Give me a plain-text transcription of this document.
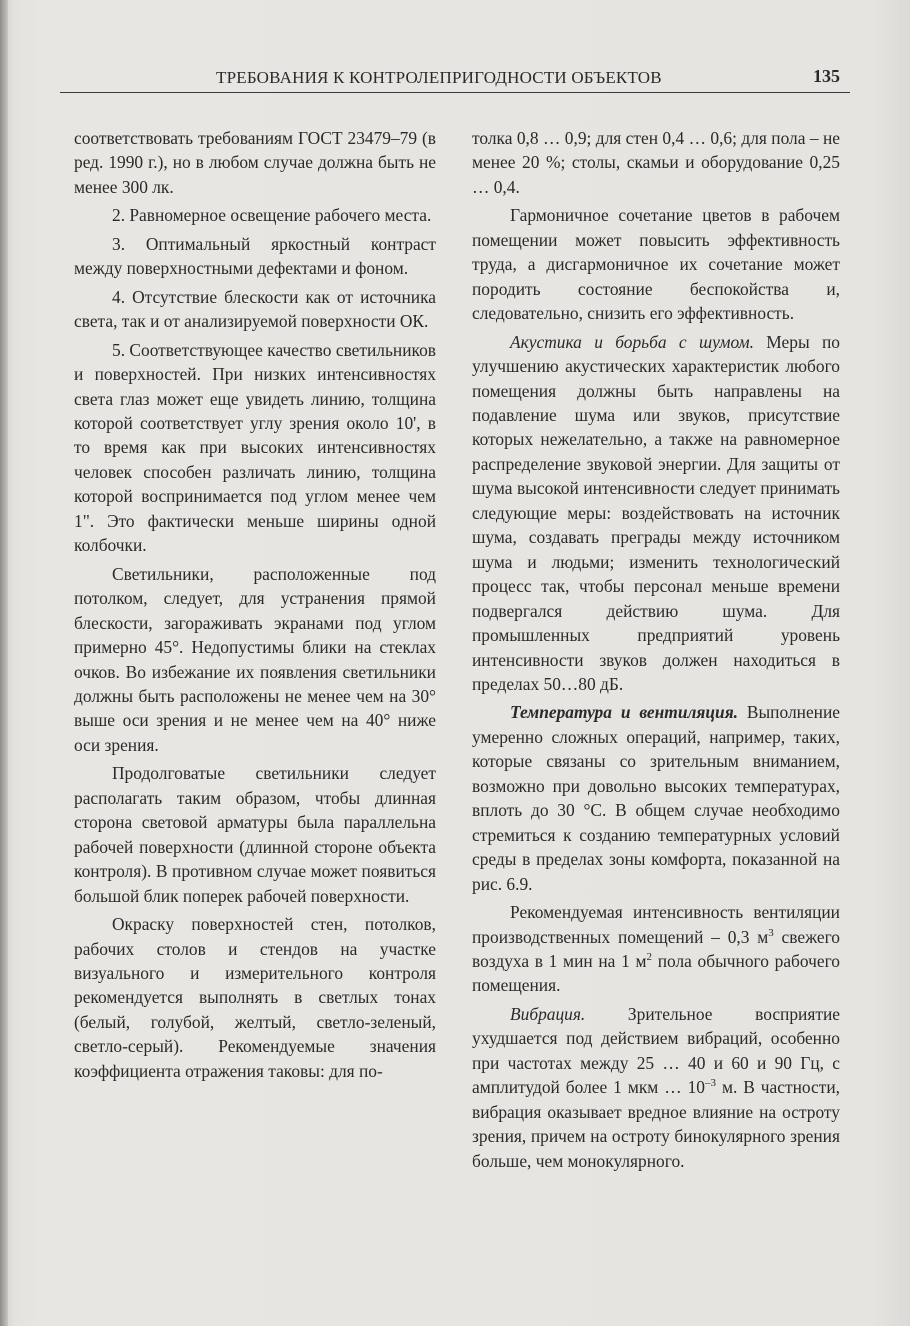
ТРЕБОВАНИЯ К КОНТРОЛЕПРИГОДНОСТИ ОБЪЕКТОВ	135

соответствовать требованиям ГОСТ 23479–79 (в ред. 1990 г.), но в любом случае должна быть не менее 300 лк.

2. Равномерное освещение рабочего места.

3. Оптимальный яркостный контраст между поверхностными дефектами и фоном.

4. Отсутствие блескости как от источника света, так и от анализируемой поверхности ОК.

5. Соответствующее качество светильников и поверхностей. При низких интенсивностях света глаз может еще увидеть линию, толщина которой соответствует углу зрения около 10', в то время как при высоких интенсивностях человек способен различать линию, толщина которой воспринимается под углом менее чем 1". Это фактически меньше ширины одной колбочки.

Светильники, расположенные под потолком, следует, для устранения прямой блескости, загораживать экранами под углом примерно 45°. Недопустимы блики на стеклах очков. Во избежание их появления светильники должны быть расположены не менее чем на 30° выше оси зрения и не менее чем на 40° ниже оси зрения.

Продолговатые светильники следует располагать таким образом, чтобы длинная сторона световой арматуры была параллельна рабочей поверхности (длинной стороне объекта контроля). В противном случае может появиться большой блик поперек рабочей поверхности.

Окраску поверхностей стен, потолков, рабочих столов и стендов на участке визуального и измерительного контроля рекомендуется выполнять в светлых тонах (белый, голубой, желтый, светло-зеленый, светло-серый). Рекомендуемые значения коэффициента отражения таковы: для по-

толка 0,8 … 0,9; для стен 0,4 … 0,6; для пола – не менее 20 %; столы, скамьи и оборудование 0,25 … 0,4.

Гармоничное сочетание цветов в рабочем помещении может повысить эффективность труда, а дисгармоничное их сочетание может породить состояние беспокойства и, следовательно, снизить его эффективность.

Акустика и борьба с шумом. Меры по улучшению акустических характеристик любого помещения должны быть направлены на подавление шума или звуков, присутствие которых нежелательно, а также на равномерное распределение звуковой энергии. Для защиты от шума высокой интенсивности следует принимать следующие меры: воздействовать на источник шума, создавать преграды между источником шума и людьми; изменить технологический процесс так, чтобы персонал меньше времени подвергался действию шума. Для промышленных предприятий уровень интенсивности звуков должен находиться в пределах 50…80 дБ.

Температура и вентиляция. Выполнение умеренно сложных операций, например, таких, которые связаны со зрительным вниманием, возможно при довольно высоких температурах, вплоть до 30 °С. В общем случае необходимо стремиться к созданию температурных условий среды в пределах зоны комфорта, показанной на рис. 6.9.

Рекомендуемая интенсивность вентиляции производственных помещений – 0,3 $м^3$ свежего воздуха в 1 мин на 1 $м^2$ пола обычного рабочего помещения.

Вибрация. Зрительное восприятие ухудшается под действием вибраций, особенно при частотах между 25 … 40 и 60 и 90 Гц, с амплитудой более 1 мкм … $10^{-3}$ м. В частности, вибрация оказывает вредное влияние на остроту зрения, причем на остроту бинокулярного зрения больше, чем монокулярного.
